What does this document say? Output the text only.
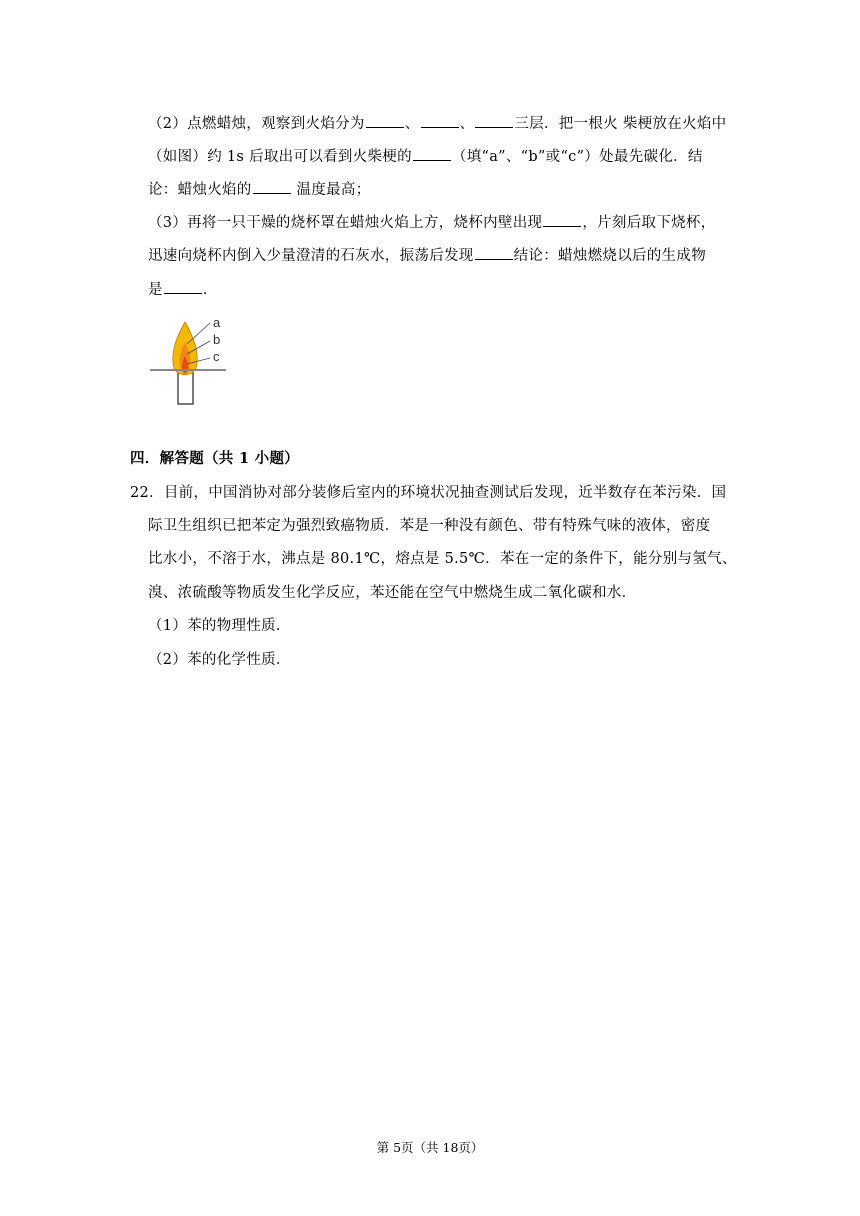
（2）点燃蜡烛，观察到火焰分为	、	、	三层．把一根火 柴梗放在火焰中
（如图）约 1s 后取出可以看到火柴梗的	（填“a”、“b”或“c”）处最先碳化．结
论：蜡烛火焰的	温度最高；
（3）再将一只干燥的烧杯罩在蜡烛火焰上方，烧杯内壁出现	，片刻后取下烧杯，
迅速向烧杯内倒入少量澄清的石灰水，振荡后发现	结论：蜡烛燃烧以后的生成物
是	．
a
b
c
四．解答题（共 1 小题）
22．目前，中国消协对部分装修后室内的环境状况抽查测试后发现，近半数存在苯污染．国
际卫生组织已把苯定为强烈致癌物质．苯是一种没有颜色、带有特殊气味的液体，密度
比水小，不溶于水，沸点是 80.1℃，熔点是 5.5℃．苯在一定的条件下，能分别与氢气、
溴、浓硫酸等物质发生化学反应，苯还能在空气中燃烧生成二氧化碳和水．
（1）苯的物理性质．
（2）苯的化学性质．
第 5页（共 18页）
